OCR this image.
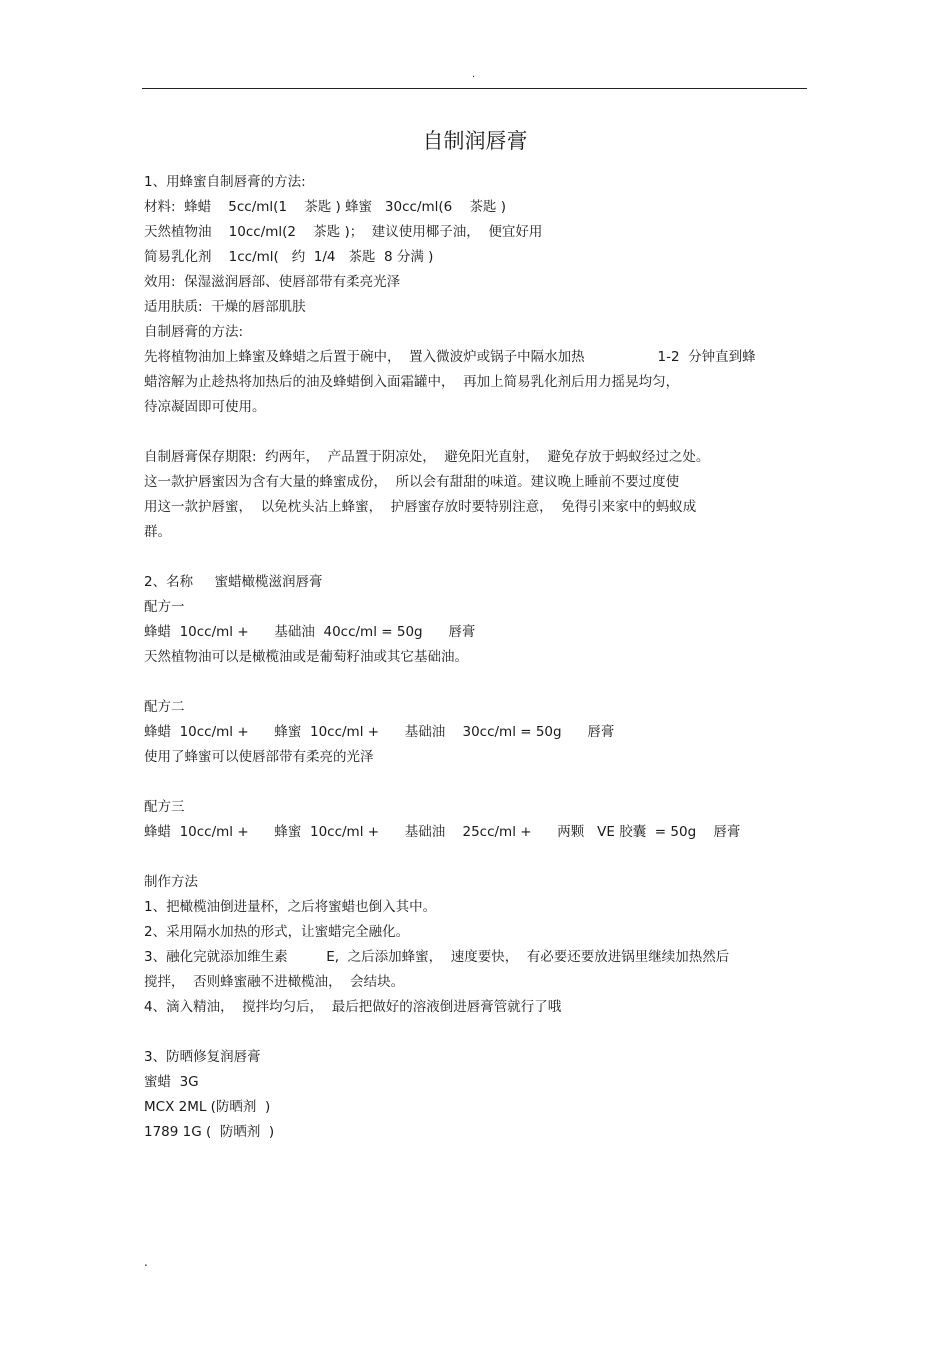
.
自制润唇膏
1、用蜂蜜自制唇膏的方法:
材料:  蜂蜡    5cc/ml(1    茶匙 ) 蜂蜜   30cc/ml(6    茶匙 )
天然植物油    10cc/ml(2    茶匙 )；  建议使用椰子油，  便宜好用
简易乳化剂    1cc/ml(   约  1/4   茶匙  8 分满 )
效用:  保湿滋润唇部、使唇部带有柔亮光泽
适用肤质:  干燥的唇部肌肤
自制唇膏的方法:
先将植物油加上蜂蜜及蜂蜡之后置于碗中，  置入微波炉或锅子中隔水加热                 1-2  分钟直到蜂
蜡溶解为止趁热将加热后的油及蜂蜡倒入面霜罐中，  再加上简易乳化剂后用力摇晃均匀，
待凉凝固即可使用。
自制唇膏保存期限:  约两年，  产品置于阴凉处，  避免阳光直射，  避免存放于蚂蚁经过之处。
这一款护唇蜜因为含有大量的蜂蜜成份，  所以会有甜甜的味道。建议晚上睡前不要过度使
用这一款护唇蜜，  以免枕头沾上蜂蜜，  护唇蜜存放时要特别注意，  免得引来家中的蚂蚁成
群。
2、名称     蜜蜡橄榄滋润唇膏
配方一
蜂蜡  10cc/ml +      基础油  40cc/ml = 50g      唇膏
天然植物油可以是橄榄油或是葡萄籽油或其它基础油。
配方二
蜂蜡  10cc/ml +      蜂蜜  10cc/ml +      基础油    30cc/ml = 50g      唇膏
使用了蜂蜜可以使唇部带有柔亮的光泽
配方三
蜂蜡  10cc/ml +      蜂蜜  10cc/ml +      基础油    25cc/ml +      两颗   VE 胶囊  = 50g    唇膏
制作方法
1、把橄榄油倒进量杯，之后将蜜蜡也倒入其中。
2、采用隔水加热的形式，让蜜蜡完全融化。
3、融化完就添加维生素         E,  之后添加蜂蜜，  速度要快，  有必要还要放进锅里继续加热然后
搅拌，  否则蜂蜜融不进橄榄油，  会结块。
4、滴入精油，  搅拌均匀后，  最后把做好的溶液倒进唇膏管就行了哦
3、防晒修复润唇膏
蜜蜡  3G
MCX 2ML (防晒剂  )
1789 1G (  防晒剂  )
.
